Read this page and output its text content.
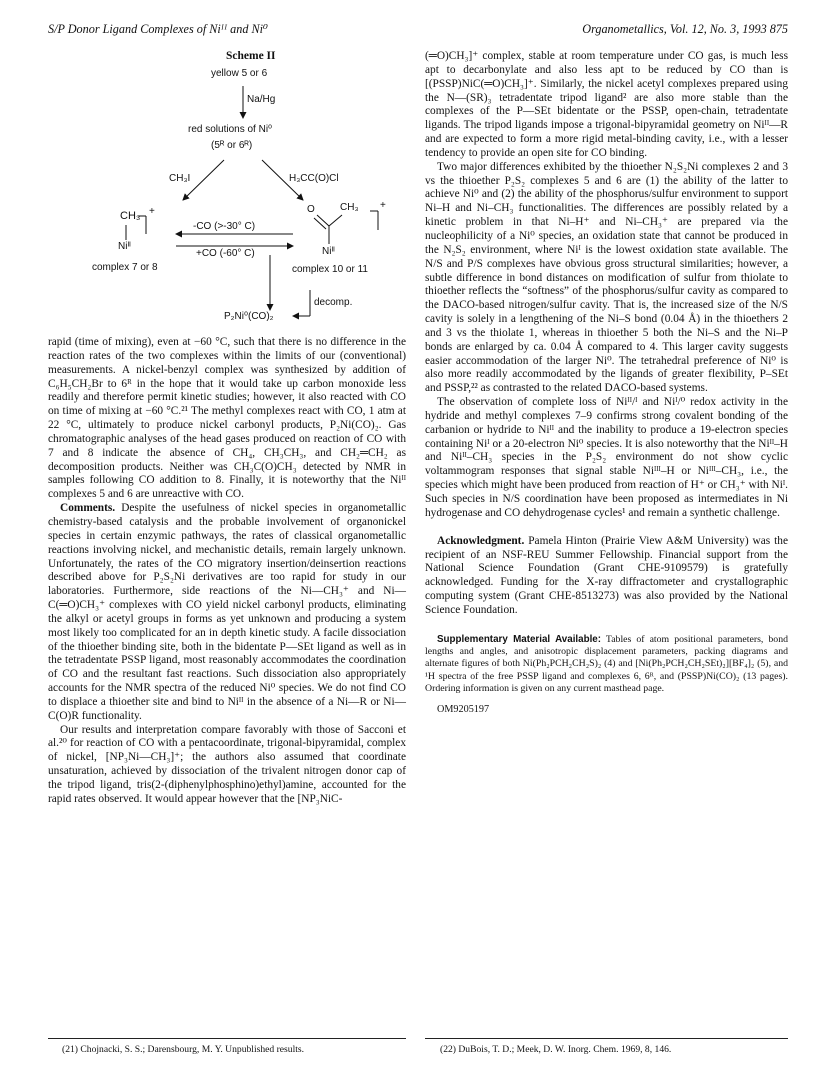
S/P Donor Ligand Complexes of Niᴵᴵ and Ni⁰	Organometallics, Vol. 12, No. 3, 1993 875
Scheme II
yellow 5 or 6
Na/Hg
red solutions of Ni⁰
(5ᴿ or 6ᴿ)
CH₃I	H₃CC(O)Cl
CH₃ +
Niᴵᴵ
complex 7 or 8
O	CH₃ +
Niᴵᴵ
complex 10 or 11
-CO (>-30° C)
+CO (-60° C)
decomp.
P₂Ni⁰(CO)₂

rapid (time of mixing), even at −60 °C, such that there is no difference in the reaction rates of the two complexes within the limits of our (conventional) measurements. A nickel-benzyl complex was synthesized by addition of C₆H₅CH₂Br to 6ᴿ in the hope that it would take up carbon monoxide less readily and therefore permit kinetic studies; however, it also reacted with CO on time of mixing at −60 °C.²¹ The methyl complexes react with CO, 1 atm at 22 °C, ultimately to produce nickel carbonyl products, P₂Ni(CO)₂. Gas chromatographic analyses of the head gases produced on reaction of CO with 7 and 8 indicate the absence of CH₄, CH₃CH₃, and CH₂═CH₂ as decomposition products. Neither was CH₃C(O)CH₃ detected by NMR in samples following CO addition to 8. Finally, it is noteworthy that the Niᴵᴵ complexes 5 and 6 are unreactive with CO.

Comments. Despite the usefulness of nickel species in organometallic chemistry-based catalysis and the probable involvement of organonickel species in certain enzymic pathways, the rates of classical organometallic reactions involving nickel, and mechanistic details, remain largely unknown. Unfortunately, the rates of the CO migratory insertion/deinsertion reactions described above for P₂S₂Ni derivatives are too rapid for study in our laboratories. Furthermore, side reactions of the Ni—CH₃⁺ and Ni—C(═O)CH₃⁺ complexes with CO yield nickel carbonyl products, eliminating the alkyl or acetyl groups in forms as yet unknown and producing a system most likely too complicated for an in depth kinetic study. A facile dissociation of the thioether binding site, both in the bidentate P—SEt ligand as well as in the tetradentate PSSP ligand, most reasonably accommodates the coordination of CO and the resultant fast reactions. Such dissociation also appropriately accounts for the NMR spectra of the reduced Ni⁰ species. We do not find CO to displace a thioether site and bind to Niᴵᴵ in the absence of a Ni—R or Ni—C(O)R functionality.

Our results and interpretation compare favorably with those of Sacconi et al.²⁰ for reaction of CO with a pentacoordinate, trigonal-bipyramidal, complex of nickel, [NP₃Ni—CH₃]⁺; the authors also assumed that coordinate unsaturation, achieved by dissociation of the trivalent nitrogen donor cap of the tripod ligand, tris(2-(diphenylphosphino)ethyl)amine, accounted for the rapid rates observed. It would appear however that the [NP₃NiC-

(═O)CH₃]⁺ complex, stable at room temperature under CO gas, is much less apt to decarbonylate and also less apt to be reduced by CO than is [(PSSP)NiC(═O)CH₃]⁺. Similarly, the nickel acetyl complexes prepared using the N—(SR)₃ tetradentate tripod ligand² are also more stable than the complexes of the P—SEt bidentate or the PSSP, open-chain, tetradentate ligands. The tripod ligands impose a trigonal-bipyramidal geometry on Niᴵᴵ—R and are expected to form a more rigid metal-binding cavity, i.e., with a lesser tendency to provide an open site for CO binding.

Two major differences exhibited by the thioether N₂S₂Ni complexes 2 and 3 vs the thioether P₂S₂ complexes 5 and 6 are (1) the ability of the latter to achieve Ni⁰ and (2) the ability of the phosphorus/sulfur environment to support Ni–H and Ni–CH₃ functionalities. The differences are possibly related by a kinetic problem in that Ni–H⁺ and Ni–CH₃⁺ are prepared via the nucleophilicity of a Ni⁰ species, an oxidation state that cannot be produced in the N₂S₂ environment, where Niᴵ is the lowest oxidation state available. The N/S and P/S complexes have obvious gross structural similarities; however, a subtle difference in bond distances on modification of sulfur from thiolate to thioether reflects the “softness” of the phosphorus/sulfur cavity as compared to the DACO-based nitrogen/sulfur cavity. That is, the increased size of the N/S cavity is solely in a lengthening of the Ni–S bond (0.04 Å) in the thioethers 2 and 3 vs the thiolate 1, whereas in thioether 5 both the Ni–S and the Ni–P bonds are enlarged by ca. 0.04 Å compared to 4. This larger cavity suggests easier accommodation of the larger Ni⁰. The tetrahedral preference of Ni⁰ is also more readily accommodated by the ligands of greater flexibility, P–SEt and PSSP,²² as contrasted to the related DACO-based systems.

The observation of complete loss of Niᴵᴵ/ᴵ and Niᴵ/⁰ redox activity in the hydride and methyl complexes 7–9 confirms strong covalent bonding of the carbanion or hydride to Niᴵᴵ and the inability to produce a 19-electron species containing Niᴵ or a 20-electron Ni⁰ species. It is also noteworthy that the Niᴵᴵ–H and Niᴵᴵ–CH₃ species in the P₂S₂ environment do not show cyclic voltammogram responses that signal stable Niᴵᴵᴵ–H or Niᴵᴵᴵ–CH₃, i.e., the species which might have been produced from reaction of H⁺ or CH₃⁺ with Niᴵ. Such species in N/S coordination have been proposed as intermediates in Ni hydrogenase and CO dehydrogenase cycles¹ and remain a synthetic challenge.

Acknowledgment. Pamela Hinton (Prairie View A&M University) was the recipient of an NSF-REU Summer Fellowship. Financial support from the National Science Foundation (Grant CHE-9109579) is gratefully acknowledged. Funding for the X-ray diffractometer and crystallographic computing system (Grant CHE-8513273) was also provided by the National Science Foundation.

Supplementary Material Available: Tables of atom positional parameters, bond lengths and angles, and anisotropic displacement parameters, packing diagrams and alternate figures of both Ni(Ph₂PCH₂CH₂S)₂ (4) and [Ni(Ph₂PCH₂CH₂SEt)₂][BF₄]₂ (5), and ¹H spectra of the free PSSP ligand and complexes 6, 6ᴿ, and (PSSP)Ni(CO)₂ (13 pages). Ordering information is given on any current masthead page.

OM9205197

(21) Chojnacki, S. S.; Darensbourg, M. Y. Unpublished results.	(22) DuBois, T. D.; Meek, D. W. Inorg. Chem. 1969, 8, 146.
